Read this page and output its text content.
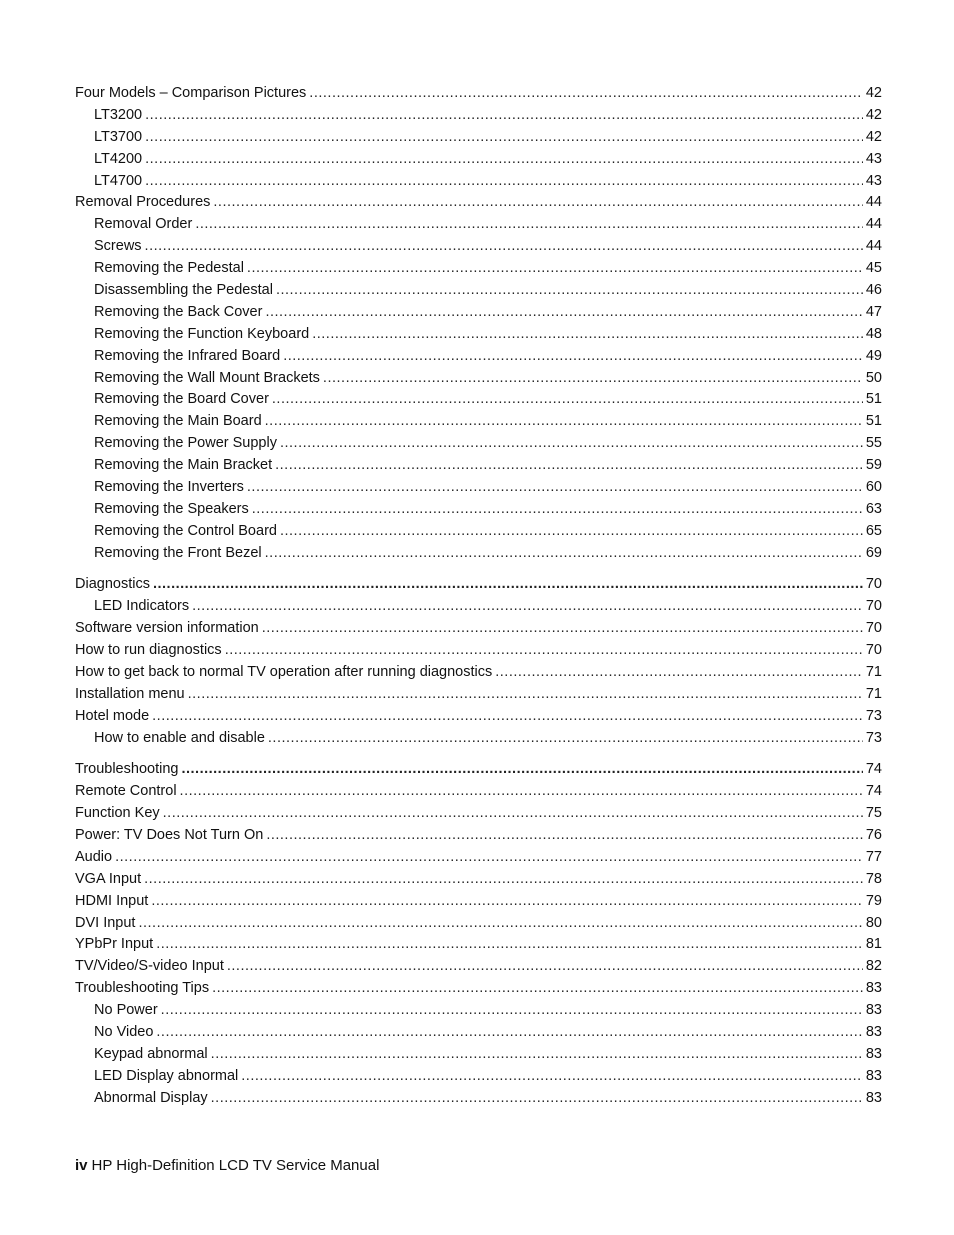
Four Models – Comparison Pictures .....	42
LT3200 .....	42
LT3700 .....	42
LT4200 .....	43
LT4700 .....	43
Removal Procedures .....	44
Removal Order .....	44
Screws .....	44
Removing the Pedestal .....	45
Disassembling the Pedestal .....	46
Removing the Back Cover .....	47
Removing the Function Keyboard .....	48
Removing the Infrared Board .....	49
Removing the Wall Mount Brackets .....	50
Removing the Board Cover .....	51
Removing the Main Board .....	51
Removing the Power Supply .....	55
Removing the Main Bracket .....	59
Removing the Inverters .....	60
Removing the Speakers .....	63
Removing the Control Board .....	65
Removing the Front Bezel .....	69
Diagnostics .....	70
LED Indicators .....	70
Software version information .....	70
How to run diagnostics .....	70
How to get back to normal TV operation after running diagnostics .....	71
Installation menu .....	71
Hotel mode .....	73
How to enable and disable .....	73
Troubleshooting .....	74
Remote Control .....	74
Function Key .....	75
Power: TV Does Not Turn On .....	76
Audio .....	77
VGA Input .....	78
HDMI Input .....	79
DVI Input .....	80
YPbPr Input .....	81
TV/Video/S-video Input .....	82
Troubleshooting Tips .....	83
No Power .....	83
No Video .....	83
Keypad abnormal .....	83
LED Display abnormal .....	83
Abnormal Display .....	83
iv HP High-Definition LCD TV Service Manual
